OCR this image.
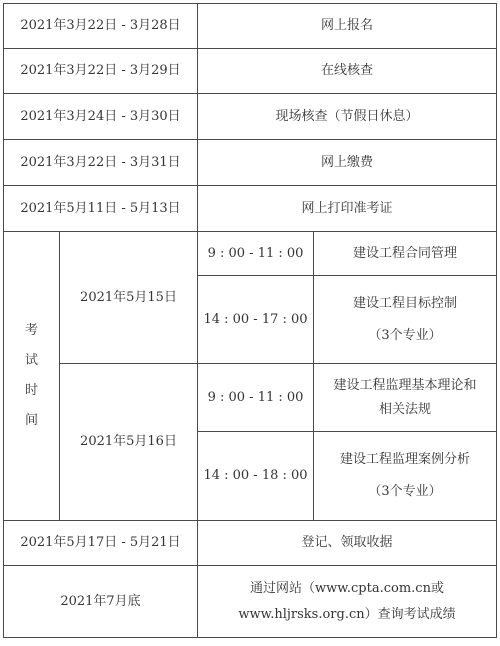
2021年3月22日 - 3月28日		网上报名	
2021年3月22日 - 3月29日		在线核查	
2021年3月24日 - 3月30日		现场核查（节假日休息）	
2021年3月22日 - 3月31日		网上缴费	
2021年5月11日 - 5月13日		网上打印准考证	

考
试
时
间	2021年5月15日	9 : 00 - 11 : 00	建设工程合同管理

		14 : 00 - 17 : 00	建设工程目标控制
（3个专业）

	2021年5月16日	9 : 00 - 11 : 00	建设工程监理基本理论和
相关法规

		14 : 00 - 18 : 00	建设工程监理案例分析
（3个专业）

2021年5月17日 - 5月21日		登记、领取收据	

2021年7月底		通过网站（www.cpta.com.cn或
www.hljrsks.org.cn）查询考试成绩	
